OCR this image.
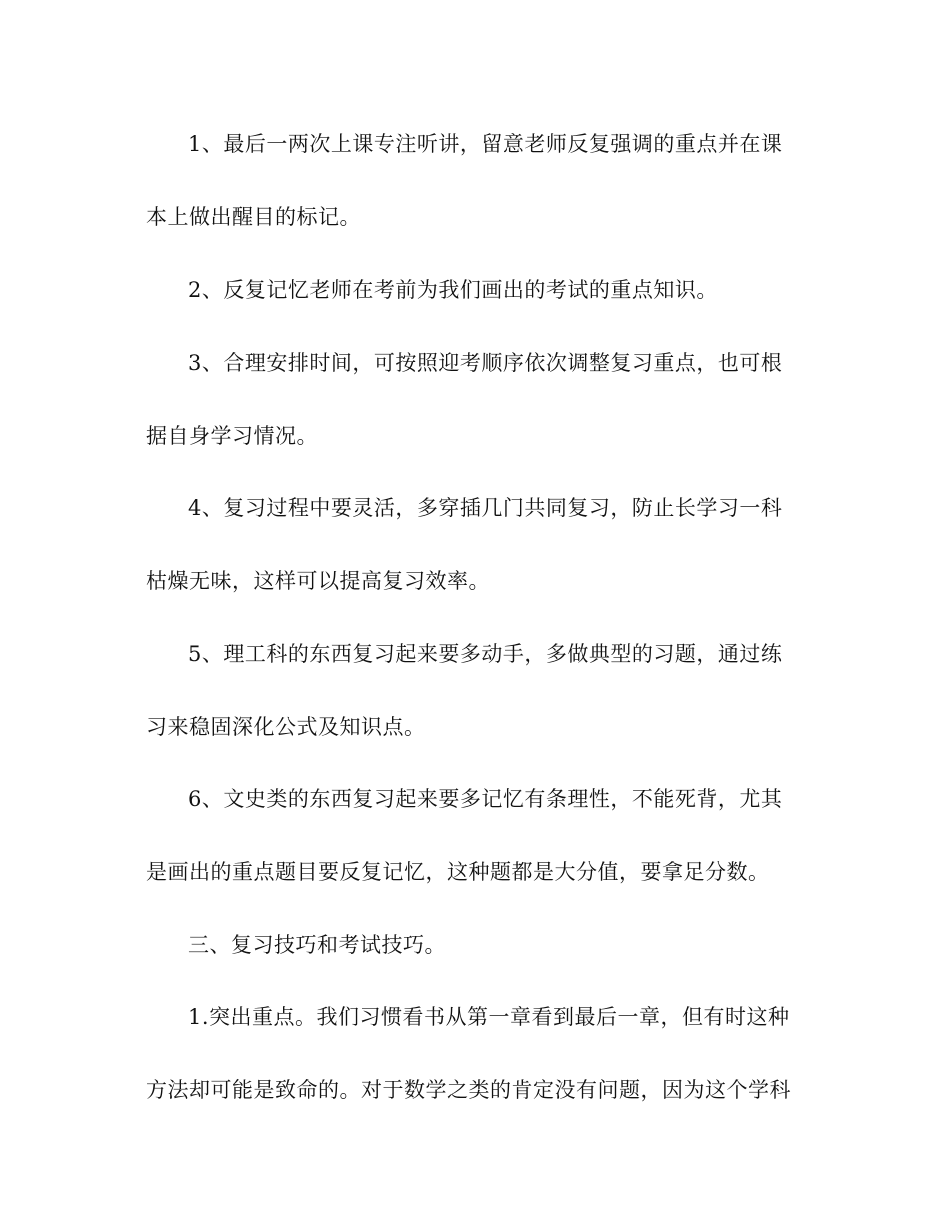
1、最后一两次上课专注听讲，留意老师反复强调的重点并在课
本上做出醒目的标记。
2、反复记忆老师在考前为我们画出的考试的重点知识。
3、合理安排时间，可按照迎考顺序依次调整复习重点，也可根
据自身学习情况。
4、复习过程中要灵活，多穿插几门共同复习，防止长学习一科
枯燥无味，这样可以提高复习效率。
5、理工科的东西复习起来要多动手，多做典型的习题，通过练
习来稳固深化公式及知识点。
6、文史类的东西复习起来要多记忆有条理性，不能死背，尤其
是画出的重点题目要反复记忆，这种题都是大分值，要拿足分数。
三、复习技巧和考试技巧。
1.突出重点。我们习惯看书从第一章看到最后一章，但有时这种
方法却可能是致命的。对于数学之类的肯定没有问题，因为这个学科
